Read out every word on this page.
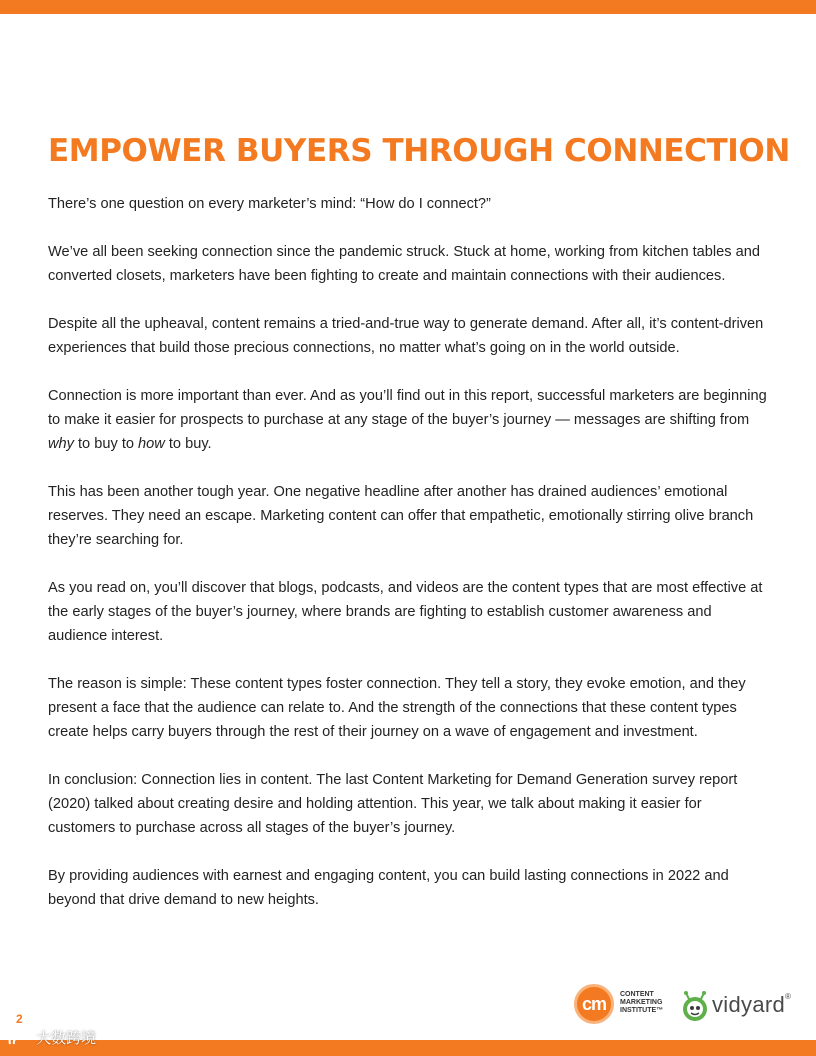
EMPOWER BUYERS THROUGH CONNECTION

There’s one question on every marketer’s mind: “How do I connect?”

We’ve all been seeking connection since the pandemic struck. Stuck at home, working from kitchen tables and converted closets, marketers have been fighting to create and maintain connections with their audiences.

Despite all the upheaval, content remains a tried-and-true way to generate demand. After all, it’s content-driven experiences that build those precious connections, no matter what’s going on in the world outside.

Connection is more important than ever. And as you’ll find out in this report, successful marketers are beginning to make it easier for prospects to purchase at any stage of the buyer’s journey — messages are shifting from why to buy to how to buy.

This has been another tough year. One negative headline after another has drained audiences’ emotional reserves. They need an escape. Marketing content can offer that empathetic, emotionally stirring olive branch they’re searching for.

As you read on, you’ll discover that blogs, podcasts, and videos are the content types that are most effective at the early stages of the buyer’s journey, where brands are fighting to establish customer awareness and audience interest.

The reason is simple: These content types foster connection. They tell a story, they evoke emotion, and they present a face that the audience can relate to. And the strength of the connections that these content types create helps carry buyers through the rest of their journey on a wave of engagement and investment.

In conclusion: Connection lies in content. The last Content Marketing for Demand Generation survey report (2020) talked about creating desire and holding attention. This year, we talk about making it easier for customers to purchase across all stages of the buyer’s journey.

By providing audiences with earnest and engaging content, you can build lasting connections in 2022 and beyond that drive demand to new heights.

2
cm	CONTENT
MARKETING
INSTITUTE™	vidyard®
大数跨境
